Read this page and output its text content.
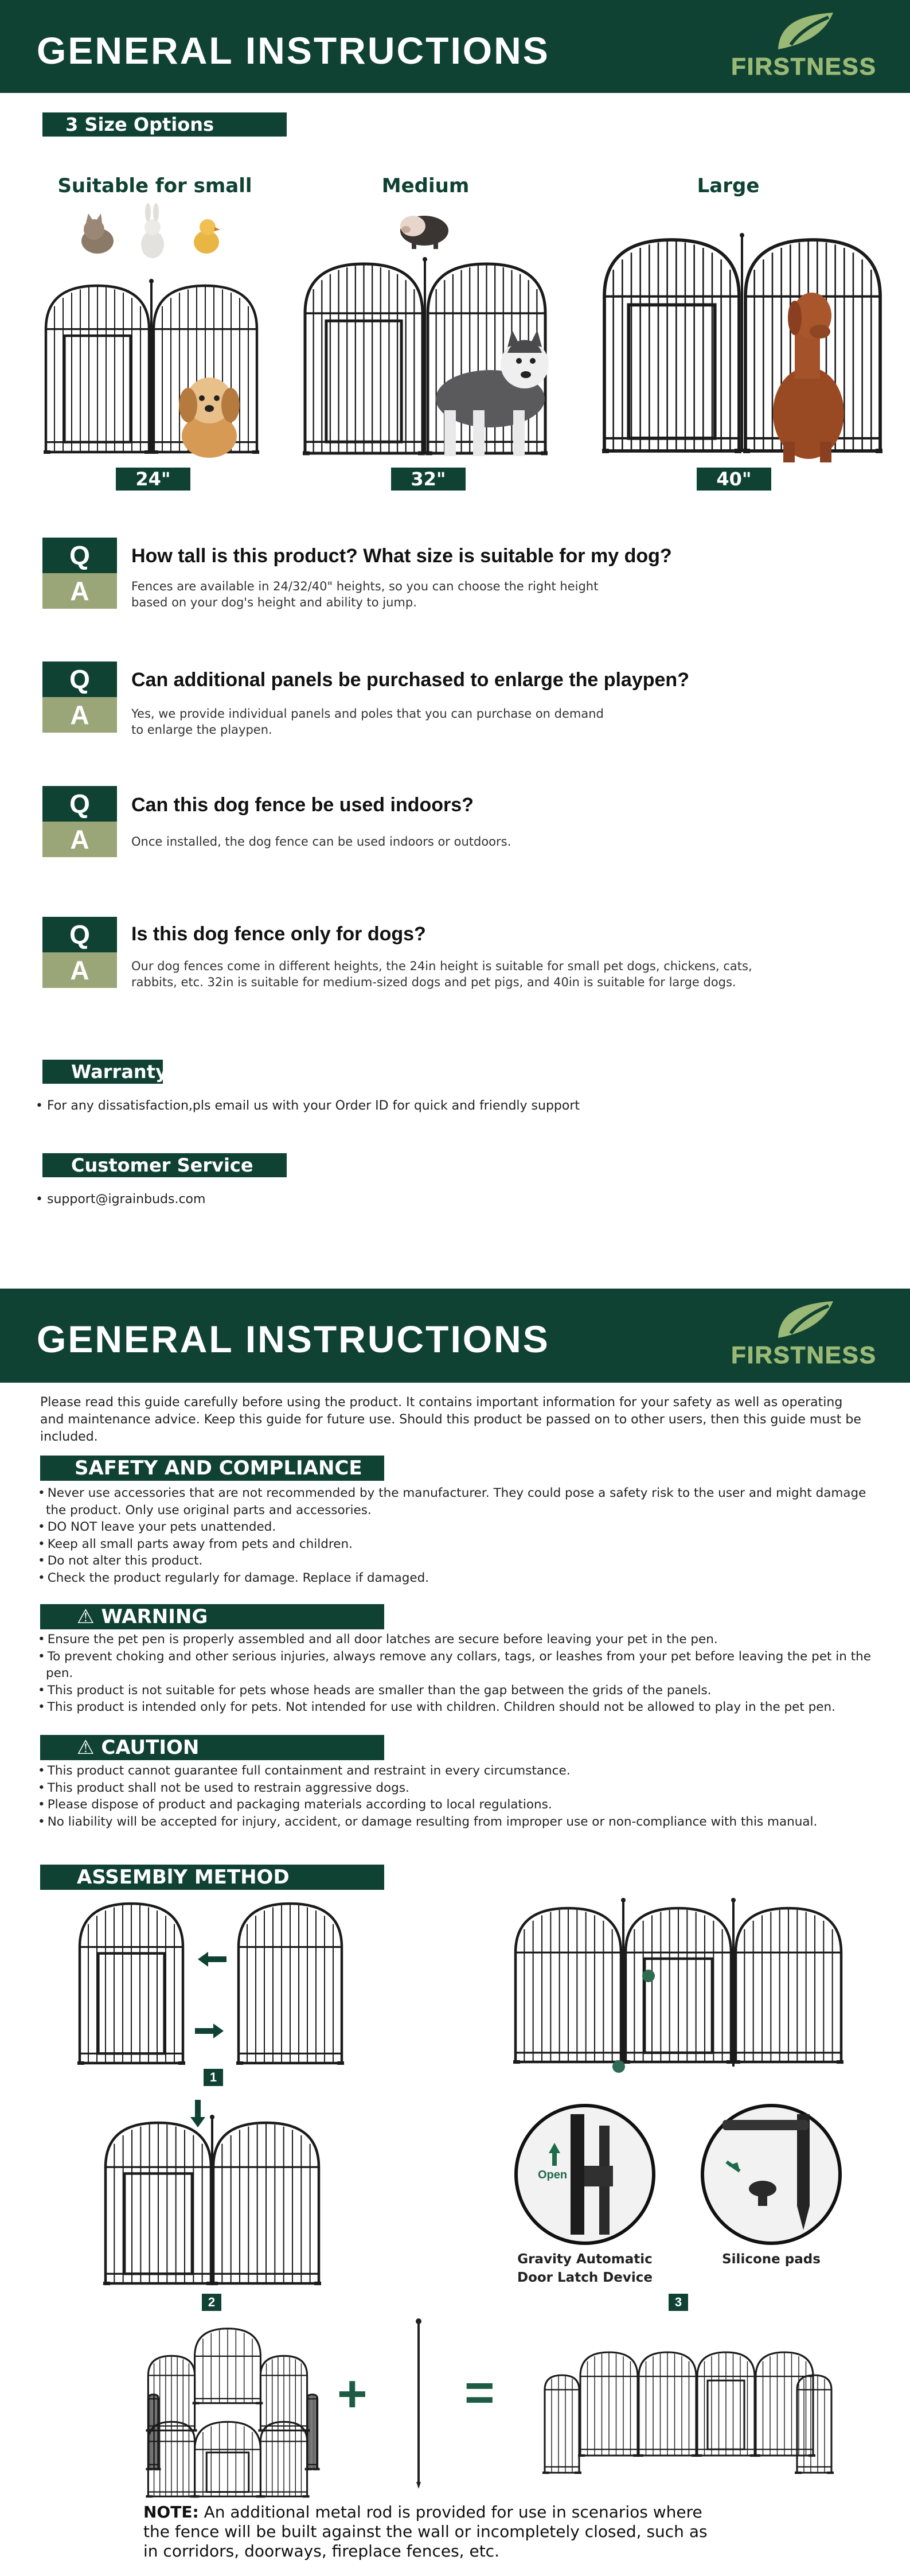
GENERAL INSTRUCTIONS	FIRSTNESS
3 Size Options
Suitable for small	Medium	Large
24"	32"	40"
Q
A
How tall is this product? What size is suitable for my dog?
Fences are available in 24/32/40" heights, so you can choose the right height
based on your dog's height and ability to jump.
Q
A
Can additional panels be purchased to enlarge the playpen?
Yes, we provide individual panels and poles that you can purchase on demand
to enlarge the playpen.
Q
A
Can this dog fence be used indoors?
Once installed, the dog fence can be used indoors or outdoors.
Q
A
Is this dog fence only for dogs?
Our dog fences come in different heights, the 24in height is suitable for small pet dogs, chickens, cats,
rabbits, etc. 32in is suitable for medium-sized dogs and pet pigs, and 40in is suitable for large dogs.
Warranty
• For any dissatisfaction,pls email us with your Order ID for quick and friendly support
Customer Service
• support@igrainbuds.com
GENERAL INSTRUCTIONS	FIRSTNESS
Please read this guide carefully before using the product. It contains important information for your safety as well as operating and maintenance advice. Keep this guide for future use. Should this product be passed on to other users, then this guide must be included.
SAFETY AND COMPLIANCE
• Never use accessories that are not recommended by the manufacturer. They could pose a safety risk to the user and might damage the product. Only use original parts and accessories.
• DO NOT leave your pets unattended.
• Keep all small parts away from pets and children.
• Do not alter this product.
• Check the product regularly for damage. Replace if damaged.
⚠ WARNING
• Ensure the pet pen is properly assembled and all door latches are secure before leaving your pet in the pen.
• To prevent choking and other serious injuries, always remove any collars, tags, or leashes from your pet before leaving the pet in the pen.
• This product is not suitable for pets whose heads are smaller than the gap between the grids of the panels.
• This product is intended only for pets. Not intended for use with children. Children should not be allowed to play in the pet pen.
⚠ CAUTION
• This product cannot guarantee full containment and restraint in every circumstance.
• This product shall not be used to restrain aggressive dogs.
• Please dispose of product and packaging materials according to local regulations.
• No liability will be accepted for injury, accident, or damage resulting from improper use or non-compliance with this manual.
ASSEMBlY METHOD
1
2
Open
Gravity Automatic
Door Latch Device
Silicone pads
3
+ =
NOTE: An additional metal rod is provided for use in scenarios where the fence will be built against the wall or incompletely closed, such as in corridors, doorways, fireplace fences, etc.
